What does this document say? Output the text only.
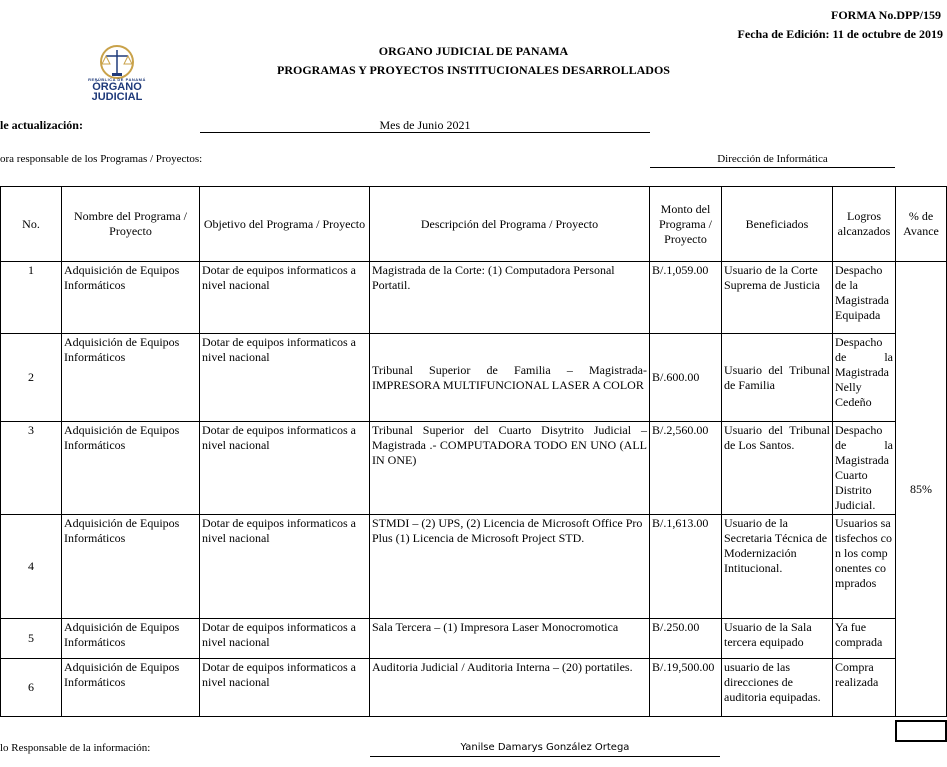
FORMA No.DPP/159
Fecha de Edición: 11 de octubre de 2019
REPÚBLICA DE PANAMÁ
ÓRGANO
JUDICIAL
ORGANO JUDICIAL DE PANAMA
PROGRAMAS Y PROYECTOS INSTITUCIONALES DESARROLLADOS
le actualización:	Mes de Junio 2021
ora responsable de los Programas / Proyectos:	Dirección de Informática
No.	Nombre del Programa / Proyecto	Objetivo del Programa / Proyecto	Descripción del Programa / Proyecto	Monto del Programa / Proyecto	Beneficiados	Logros alcanzados	% de Avance
1	Adquisición de Equipos Informáticos	Dotar de equipos informaticos a nivel nacional	Magistrada de la Corte: (1) Computadora Personal Portatil.	B/.1,059.00	Usuario de la Corte Suprema de Justicia	Despacho de la Magistrada Equipada	85%
2	Adquisición de Equipos Informáticos	Dotar de equipos informaticos a nivel nacional	Tribunal Superior de Familia – Magistrada- IMPRESORA MULTIFUNCIONAL LASER A COLOR	B/.600.00	Usuario del Tribunal de Familia	Despacho de la Magistrada Nelly Cedeño	
3	Adquisición de Equipos Informáticos	Dotar de equipos informaticos a nivel nacional	Tribunal Superior del Cuarto Disytrito Judicial – Magistrada .- COMPUTADORA TODO EN UNO (ALL IN ONE)	B/.2,560.00	Usuario del Tribunal de Los Santos.	Despacho de la Magistrada Cuarto Distrito Judicial.	
4	Adquisición de Equipos Informáticos	Dotar de equipos informaticos a nivel nacional	STMDI – (2) UPS, (2) Licencia de Microsoft Office Pro Plus (1) Licencia de Microsoft Project STD.	B/.1,613.00	Usuario de la Secretaria Técnica de Modernización Intitucional.	Usuarios satisfechos con los componentes comprados	
5	Adquisición de Equipos Informáticos	Dotar de equipos informaticos a nivel nacional	Sala Tercera – (1) Impresora Laser Monocromotica	B/.250.00	Usuario de la Sala tercera equipado	Ya fue comprada	
6	Adquisición de Equipos Informáticos	Dotar de equipos informaticos a nivel nacional	Auditoria Judicial / Auditoria Interna – (20) portatiles.	B/.19,500.00	usuario de las direcciones de auditoria equipadas.	Compra realizada	
lo Responsable de la información:	Yanilse Damarys González Ortega
